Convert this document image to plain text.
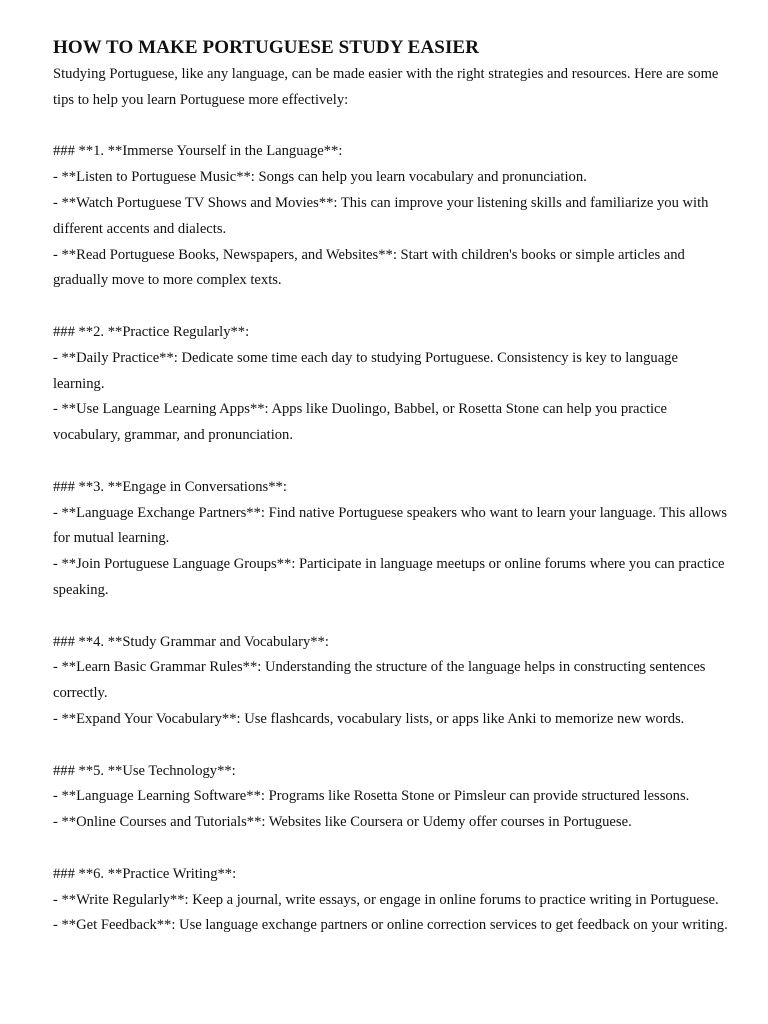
HOW TO MAKE PORTUGUESE STUDY EASIER

Studying Portuguese, like any language, can be made easier with the right strategies and resources. Here are some tips to help you learn Portuguese more effectively:

### **1. **Immerse Yourself in the Language**:

- **Listen to Portuguese Music**: Songs can help you learn vocabulary and pronunciation.

- **Watch Portuguese TV Shows and Movies**: This can improve your listening skills and familiarize you with different accents and dialects.

- **Read Portuguese Books, Newspapers, and Websites**: Start with children's books or simple articles and gradually move to more complex texts.

### **2. **Practice Regularly**:

- **Daily Practice**: Dedicate some time each day to studying Portuguese. Consistency is key to language learning.

- **Use Language Learning Apps**: Apps like Duolingo, Babbel, or Rosetta Stone can help you practice vocabulary, grammar, and pronunciation.

### **3. **Engage in Conversations**:

- **Language Exchange Partners**: Find native Portuguese speakers who want to learn your language. This allows for mutual learning.

- **Join Portuguese Language Groups**: Participate in language meetups or online forums where you can practice speaking.

### **4. **Study Grammar and Vocabulary**:

- **Learn Basic Grammar Rules**: Understanding the structure of the language helps in constructing sentences correctly.

- **Expand Your Vocabulary**: Use flashcards, vocabulary lists, or apps like Anki to memorize new words.

### **5. **Use Technology**:

- **Language Learning Software**: Programs like Rosetta Stone or Pimsleur can provide structured lessons.

- **Online Courses and Tutorials**: Websites like Coursera or Udemy offer courses in Portuguese.

### **6. **Practice Writing**:

- **Write Regularly**: Keep a journal, write essays, or engage in online forums to practice writing in Portuguese.

- **Get Feedback**: Use language exchange partners or online correction services to get feedback on your writing.
